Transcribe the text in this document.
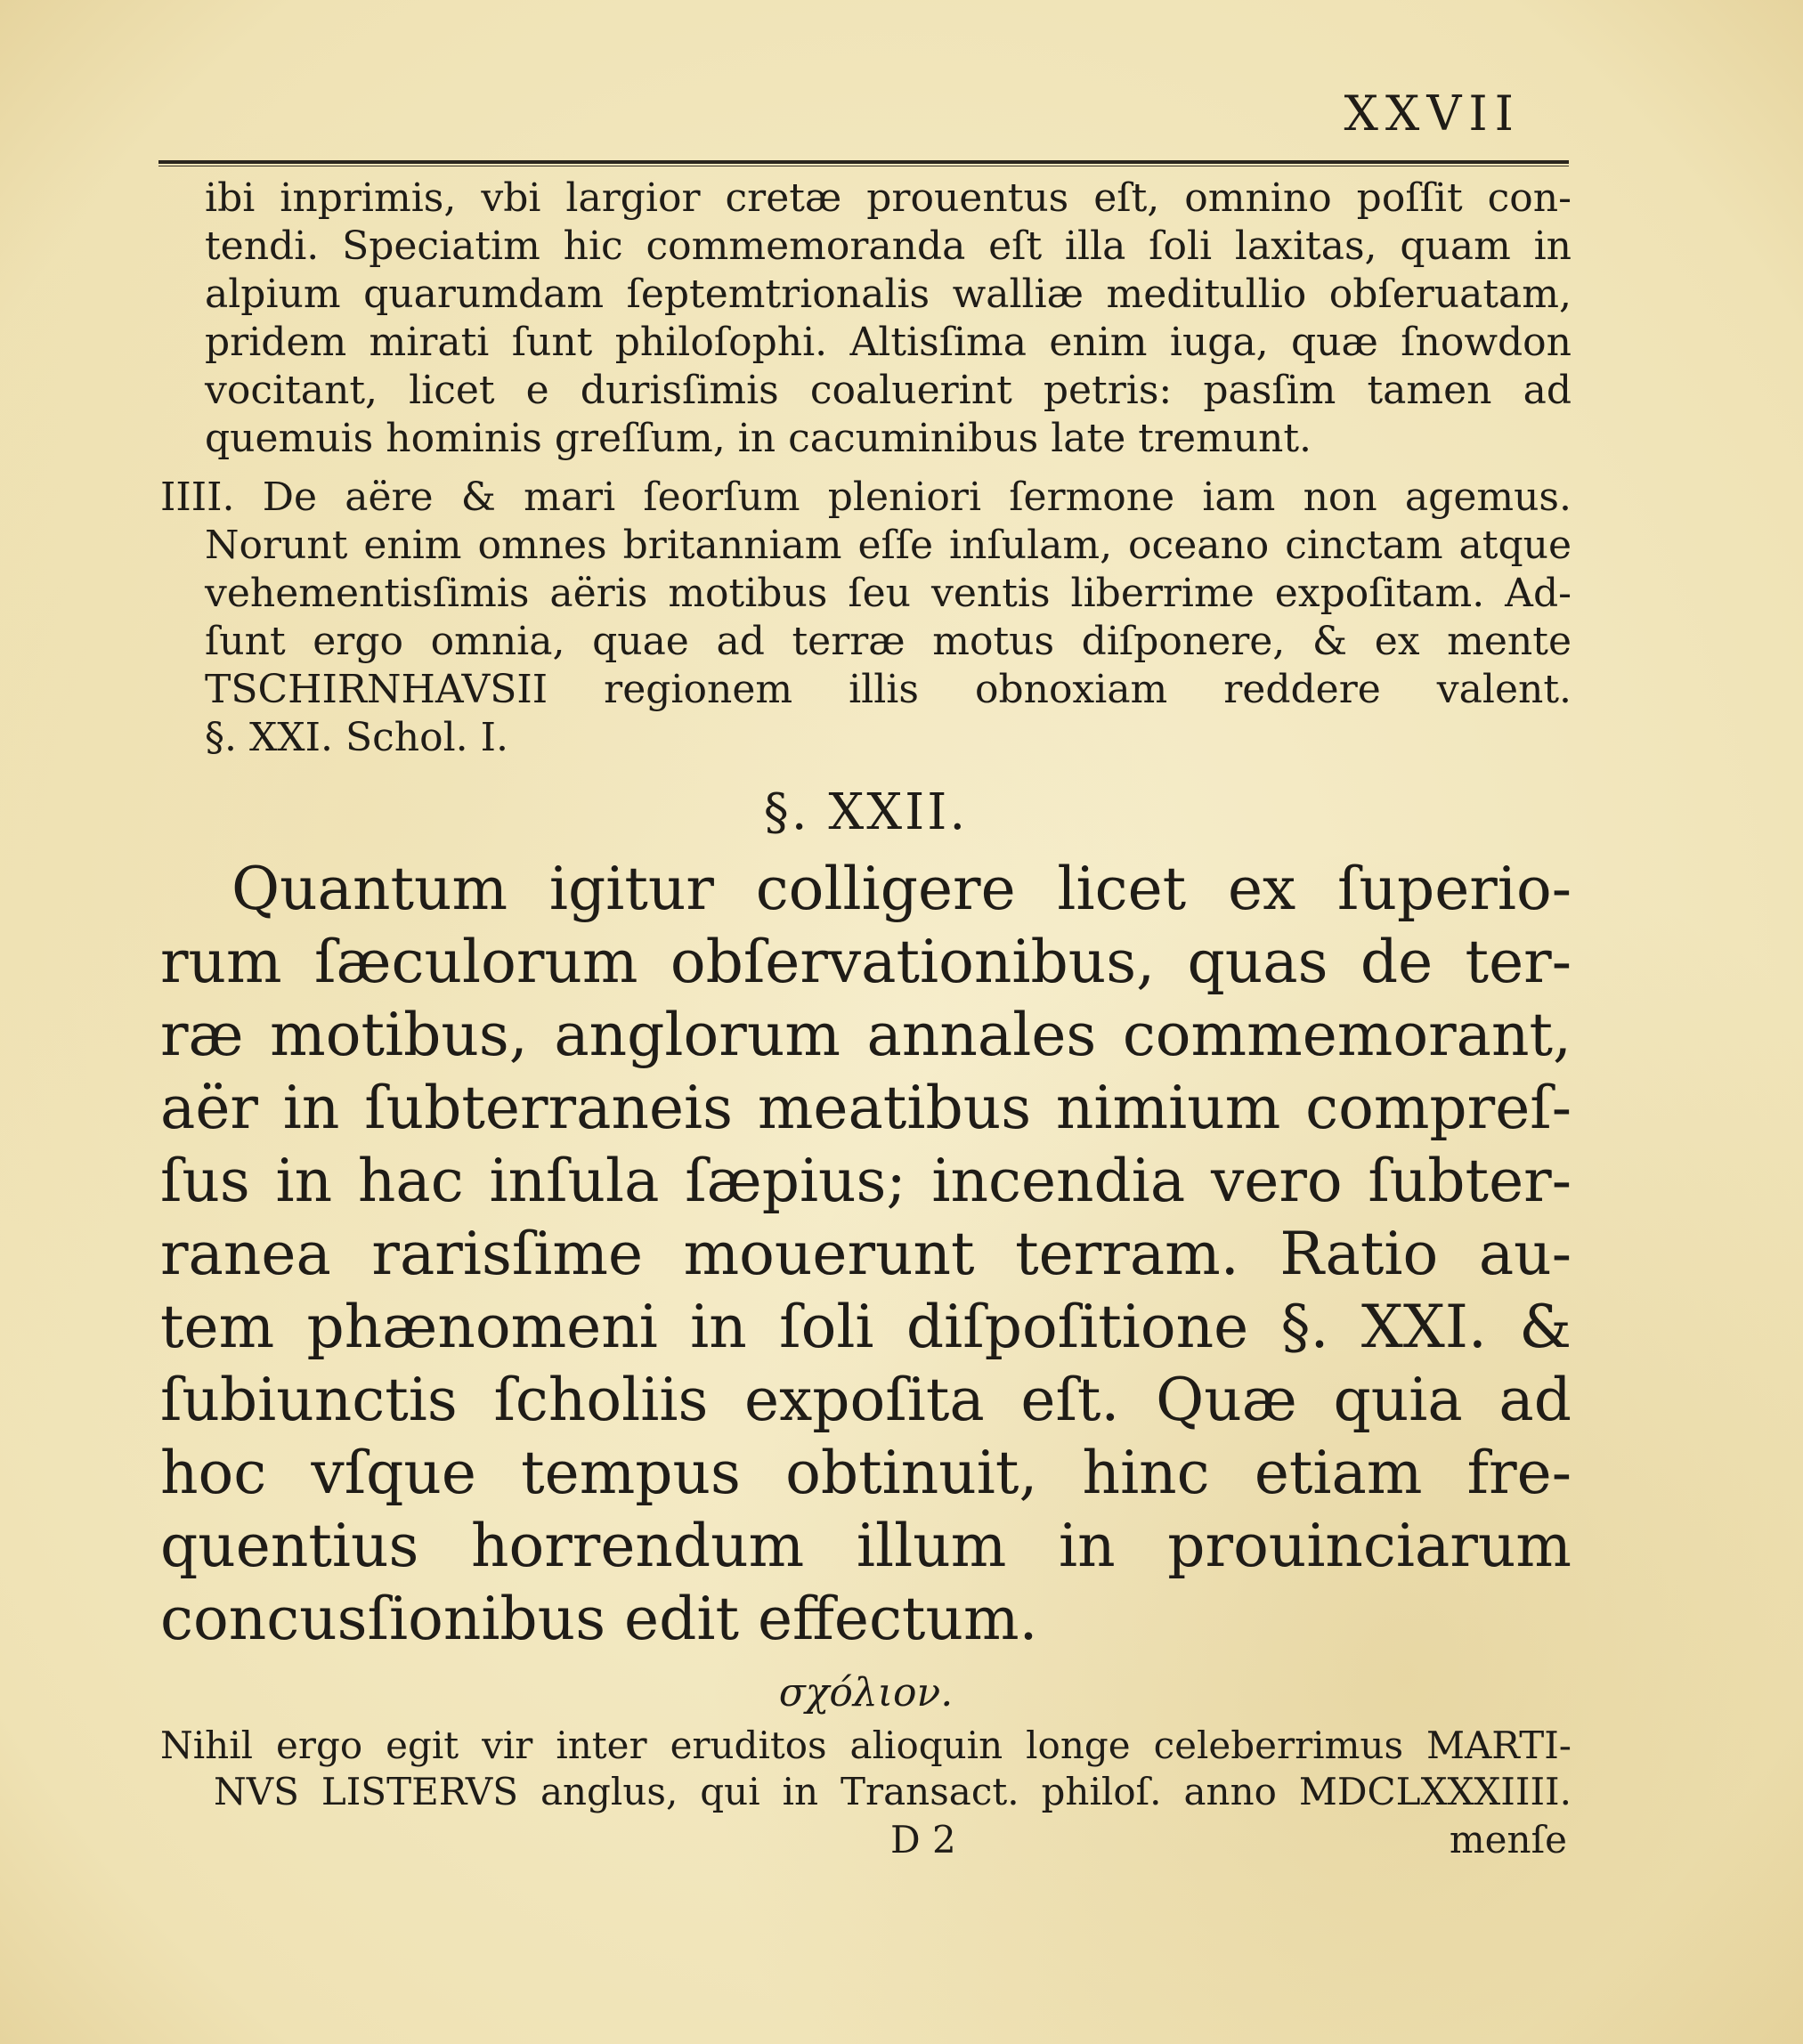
XXVII
ibi inprimis, vbi largior cretæ prouentus eſt, omnino poſſit con-
tendi. Speciatim hic commemoranda eſt illa ſoli laxitas, quam in
alpium quarumdam ſeptemtrionalis walliæ meditullio obſeruatam,
pridem mirati ſunt philoſophi. Altisſima enim iuga, quæ ſnowdon
vocitant, licet e durisſimis coaluerint petris: pasſim tamen ad
quemuis hominis greſſum, in cacuminibus late tremunt.
IIII. De aëre & mari ſeorſum pleniori ſermone iam non agemus.
Norunt enim omnes britanniam eſſe inſulam, oceano cinctam atque
vehementisſimis aëris motibus ſeu ventis liberrime expoſitam. Ad-
ſunt ergo omnia, quae ad terræ motus diſponere, & ex mente
TSCHIRNHAVSII regionem illis obnoxiam reddere valent.
§. XXI. Schol. I.
§. XXII.
Quantum igitur colligere licet ex ſuperio-
rum ſæculorum obſervationibus, quas de ter-
ræ motibus, anglorum annales commemorant,
aër in ſubterraneis meatibus nimium compreſ-
ſus in hac inſula ſæpius; incendia vero ſubter-
ranea rarisſime mouerunt terram. Ratio au-
tem phænomeni in ſoli diſpoſitione §. XXI. &
ſubiunctis ſcholiis expoſita eſt. Quæ quia ad
hoc vſque tempus obtinuit, hinc etiam fre-
quentius horrendum illum in prouinciarum
concusſionibus edit effectum.
σχόλιον.
Nihil ergo egit vir inter eruditos alioquin longe celeberrimus MARTI-
NVS LISTERVS anglus, qui in Transact. philoſ. anno MDCLXXXIIII.
D 2	menſe
